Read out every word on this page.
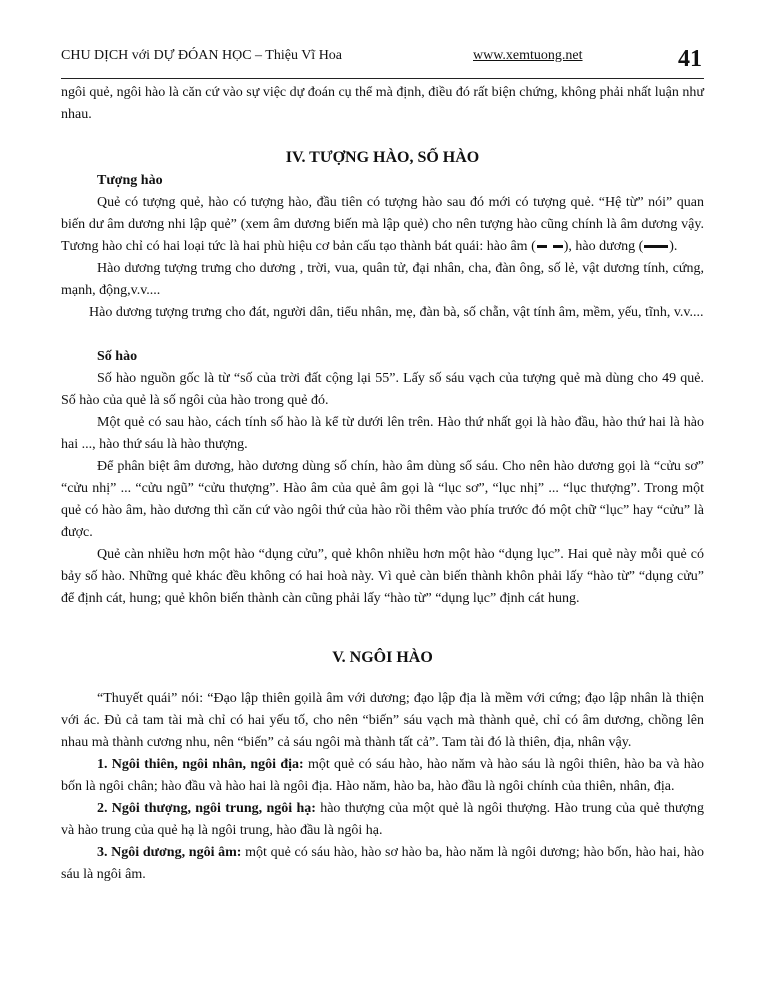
CHU DỊCH với DỰ ĐÓAN HỌC – Thiệu Vĩ Hoa	www.xemtuong.net	41

ngôi quẻ, ngôi hào là căn cứ vào sự việc dự đoán cụ thể mà định, điều đó rất biện chứng, không phải nhất luận như nhau.

IV. TƯỢNG HÀO, SỐ HÀO

Tượng hào

Quẻ có tượng quẻ, hào có tượng hào, đầu tiên có tượng hào sau đó mới có tượng quẻ. “Hệ từ” nói” quan biến dư âm dương nhi lập quẻ” (xem âm dương biến mà lập quẻ) cho nên tượng hào cũng chính là âm dương vậy. Tương hào chỉ có hai loại tức là hai phù hiệu cơ bản cấu tạo thành bát quái: hào âm ( ), hào dương ( ).

Hào dương tượng trưng cho dương , trời, vua, quân tử, đại nhân, cha, đàn ông, số lẻ, vật dương tính, cứng, mạnh, động,v.v....

Hào dương tượng trưng cho đát, người dân, tiểu nhân, mẹ, đàn bà, số chẵn, vật tính âm, mềm, yếu, tĩnh, v.v....

Số hào

Số hào nguồn gốc là từ “số của trời đất cộng lại 55”. Lấy số sáu vạch của tượng quẻ mà dùng cho 49 quẻ. Số hào của quẻ là số ngôi của hào trong quẻ đó.

Một quẻ có sau hào, cách tính số hào là kể từ dưới lên trên. Hào thứ nhất gọi là hào đầu, hào thứ hai là hào hai ..., hào thứ sáu là hào thượng.

Để phân biệt âm dương, hào dương dùng số chín, hào âm dùng số sáu. Cho nên hào dương gọi là “cửu sơ” “cửu nhị” ... “cửu ngũ” “cửu thượng”. Hào âm của quẻ âm gọi là “lục sơ”, “lục nhị” ... “lục thượng”. Trong một quẻ có hào âm, hào dương thì căn cứ vào ngôi thứ của hào rồi thêm vào phía trước đó một chữ “lục” hay “cửu” là được.

Quẻ càn nhiều hơn một hào “dụng cửu”, quẻ khôn nhiều hơn một hào “dụng lục”. Hai quẻ này mỗi quẻ có bảy số hào. Những quẻ khác đều không có hai hoà này. Vì quẻ càn biến thành khôn phải lấy “hào từ” “dụng cửu” để định cát, hung; quẻ khôn biến thành càn cũng phải lấy “hào từ” “dụng lục” định cát hung.

V. NGÔI HÀO

“Thuyết quái” nói: “Đạo lập thiên gọilà âm với dương; đạo lập địa là mềm với cứng; đạo lập nhân là thiện với ác. Đủ cả tam tài mà chỉ có hai yếu tố, cho nên “biến” sáu vạch mà thành quẻ, chỉ có âm dương, chồng lên nhau mà thành cương nhu, nên “biến” cả sáu ngôi mà thành tất cả”. Tam tài đó là thiên, địa, nhân vậy.

1. Ngôi thiên, ngôi nhân, ngôi địa: một quẻ có sáu hào, hào năm và hào sáu là ngôi thiên, hào ba và hào bốn là ngôi chân; hào đầu và hào hai là ngôi địa. Hào năm, hào ba, hào đầu là ngôi chính của thiên, nhân, địa.

2. Ngôi thượng, ngôi trung, ngôi hạ: hào thượng của một quẻ là ngôi thượng. Hào trung của quẻ thượng và hào trung của quẻ hạ là ngôi trung, hào đầu là ngôi hạ.

3. Ngôi dương, ngôi âm: một quẻ có sáu hào, hào sơ hào ba, hào năm là ngôi dương; hào bốn, hào hai, hào sáu là ngôi âm.
